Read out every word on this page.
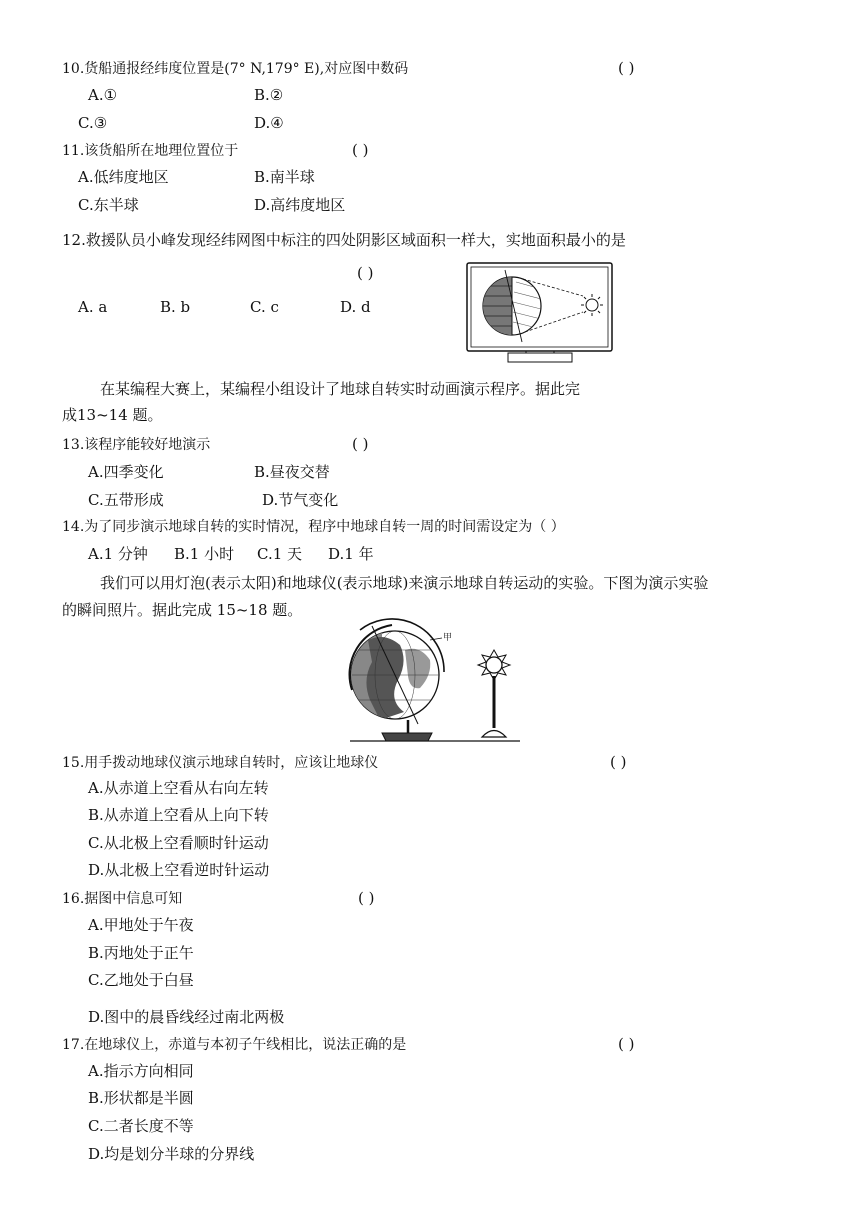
10.货船通报经纬度位置是(7° N,179° E),对应图中数码	( )
A.①	B.②
C.③	D.④
11.该货船所在地理位置位于	( )
A.低纬度地区	B.南半球
C.东半球	D.高纬度地区
12.救援队员小峰发现经纬网图中标注的四处阴影区域面积一样大，实地面积最小的是
( )
A. a	B. b	C. c	D. d
在某编程大赛上，某编程小组设计了地球自转实时动画演示程序。据此完
成13~14 题。
13.该程序能较好地演示	( )
A.四季变化	B.昼夜交替
C.五带形成	D.节气变化
14.为了同步演示地球自转的实时情况，程序中地球自转一周的时间需设定为（ ）
A.1 分钟 B.1 小时 C.1 天 D.1 年
我们可以用灯泡(表示太阳)和地球仪(表示地球)来演示地球自转运动的实验。下图为演示实验
的瞬间照片。据此完成 15~18 题。
甲
15.用手拨动地球仪演示地球自转时，应该让地球仪	( )
A.从赤道上空看从右向左转
B.从赤道上空看从上向下转
C.从北极上空看顺时针运动
D.从北极上空看逆时针运动
16.据图中信息可知	( )
A.甲地处于午夜
B.丙地处于正午
C.乙地处于白昼
D.图中的晨昏线经过南北两极
17.在地球仪上，赤道与本初子午线相比，说法正确的是	( )
A.指示方向相同
B.形状都是半圆
C.二者长度不等
D.均是划分半球的分界线
